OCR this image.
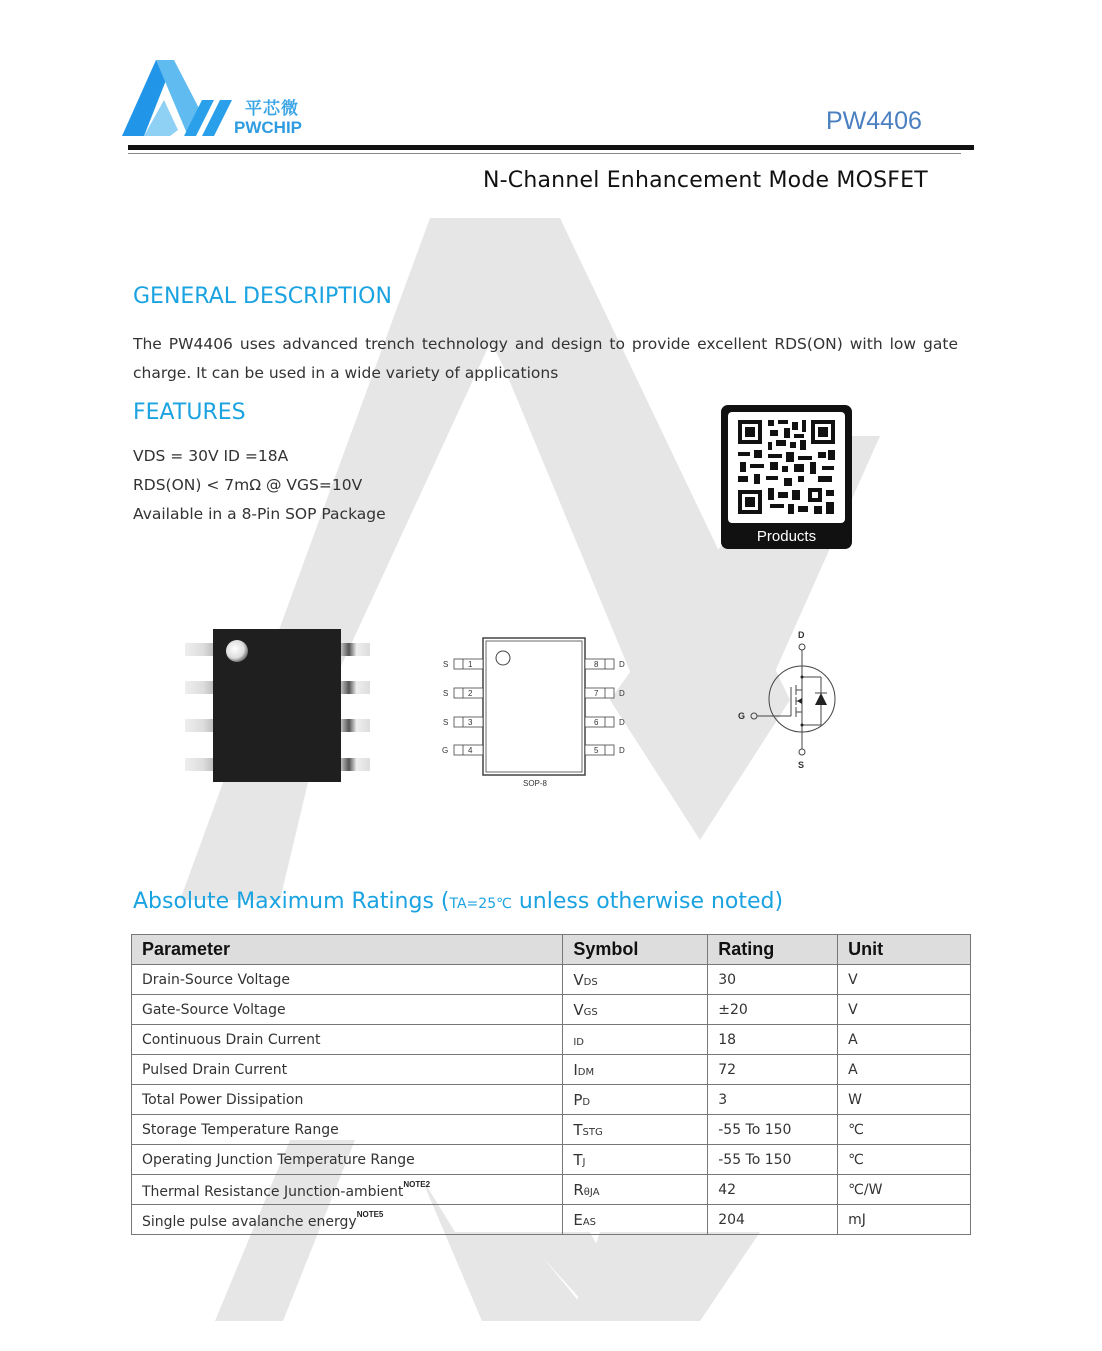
平芯微
PWCHIP	PW4406
N-Channel Enhancement Mode MOSFET
GENERAL DESCRIPTION
The PW4406 uses advanced trench technology and design to provide excellent RDS(ON) with low gate charge. It can be used in a wide variety of applications
FEATURES
VDS = 30V ID =18A
RDS(ON) < 7mΩ @ VGS=10V
Available in a 8-Pin SOP Package
Products
S 1
S 2
S 3
G 4
8	D
7	D
6	D
5	D
SOP-8
D
G
S
Absolute Maximum Ratings (TA=25℃ unless otherwise noted)
Parameter	Symbol	Rating	Unit
Drain-Source Voltage	VDS	30	V
Gate-Source Voltage	VGS	±20	V
Continuous Drain Current	ID	18	A
Pulsed Drain Current	IDM	72	A
Total Power Dissipation	PD	3	W
Storage Temperature Range	TSTG	-55 To 150	℃
Operating Junction Temperature Range	TJ	-55 To 150	℃
Thermal Resistance Junction-ambient$^{NOTE2}$	RθJA	42	℃/W
Single pulse avalanche energy$^{NOTE5}$	EAS	204	mJ
